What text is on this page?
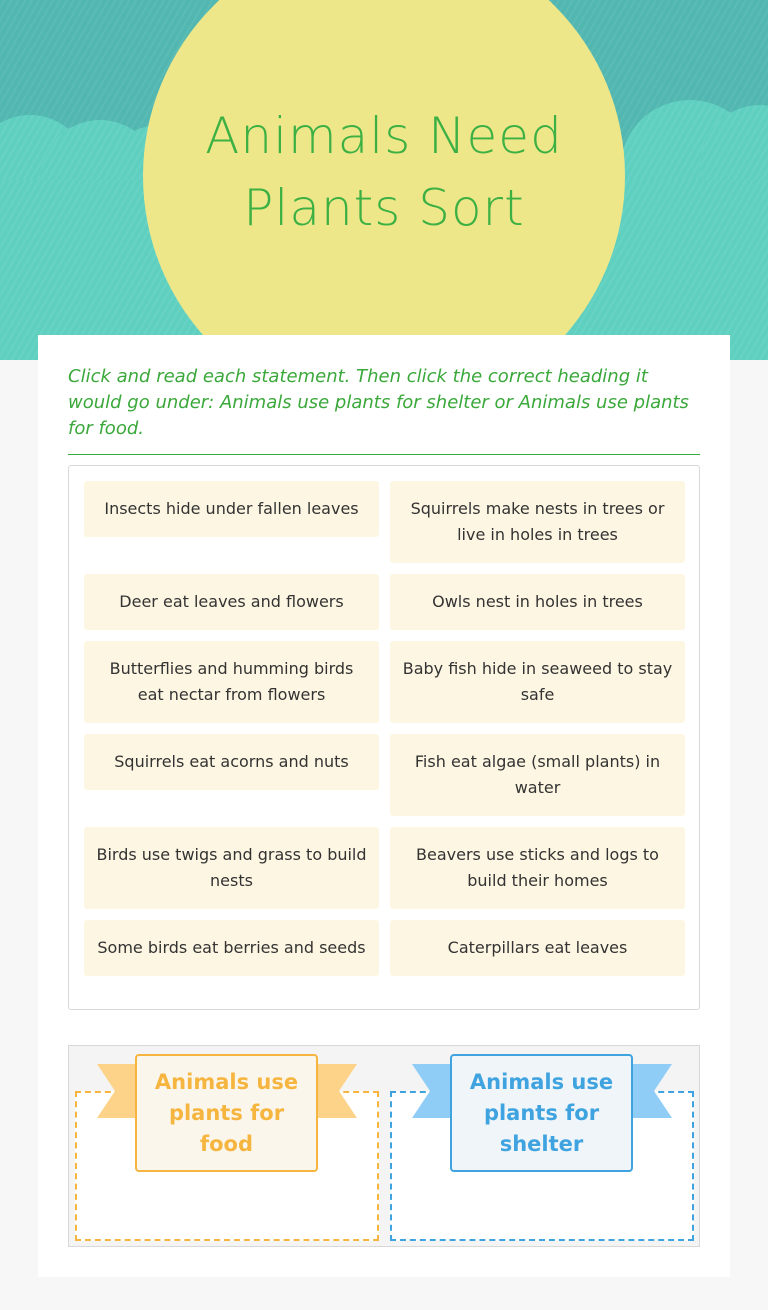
Animals Need Plants Sort
Click and read each statement. Then click the correct heading it would go under: Animals use plants for shelter or Animals use plants for food.
Insects hide under fallen leaves	Squirrels make nests in trees or live in holes in trees
Deer eat leaves and flowers	Owls nest in holes in trees
Butterflies and humming birds eat nectar from flowers
Baby fish hide in seaweed to stay safe
Squirrels eat acorns and nuts	Fish eat algae (small plants) in water
Birds use twigs and grass to build nests
Beavers use sticks and logs to build their homes
Some birds eat berries and seeds	Caterpillars eat leaves
Animals use plants for food
Animals use plants for shelter
